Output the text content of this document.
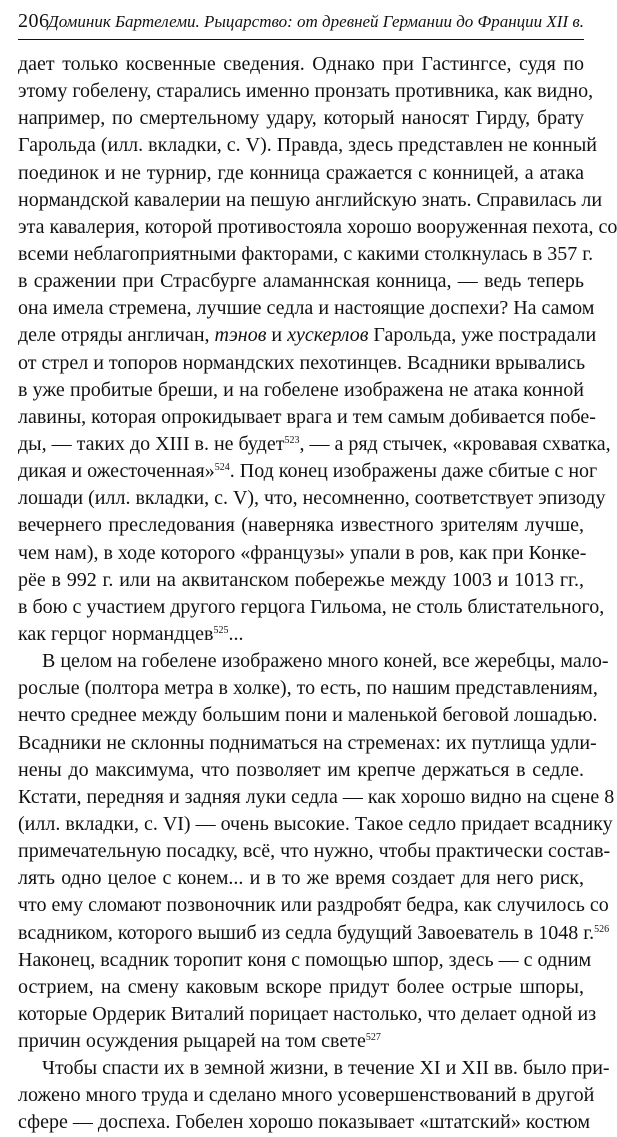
206
Доминик Бартелеми. Рыцарство: от древней Германии до Франции XII в.
дает только косвенные сведения. Однако при Гастингсе, судя по
этому гобелену, старались именно пронзать противника, как видно,
например, по смертельному удару, который наносят Гирду, брату
Гарольда (илл. вкладки, с. V). Правда, здесь представлен не конный
поединок и не турнир, где конница сражается с конницей, а атака
нормандской кавалерии на пешую английскую знать. Справилась ли
эта кавалерия, которой противостояла хорошо вооруженная пехота, со
всеми неблагоприятными факторами, с какими столкнулась в 357 г.
в сражении при Страсбурге аламаннская конница, — ведь теперь
она имела стремена, лучшие седла и настоящие доспехи? На самом
деле отряды англичан, тэнов и хускерлов Гарольда, уже пострадали
от стрел и топоров нормандских пехотинцев. Всадники врывались
в уже пробитые бреши, и на гобелене изображена не атака конной
лавины, которая опрокидывает врага и тем самым добивается побе-
ды, — таких до XIII в. не будет$^{523}$, — а ряд стычек, «кровавая схватка,
дикая и ожесточенная»$^{524}$. Под конец изображены даже сбитые с ног
лошади (илл. вкладки, с. V), что, несомненно, соответствует эпизоду
вечернего преследования (наверняка известного зрителям лучше,
чем нам), в ходе которого «французы» упали в ров, как при Конке-
рёе в 992 г. или на аквитанском побережье между 1003 и 1013 гг.,
в бою с участием другого герцога Гильома, не столь блистательного,
как герцог нормандцев$^{525}$...
В целом на гобелене изображено много коней, все жеребцы, мало-
рослые (полтора метра в холке), то есть, по нашим представлениям,
нечто среднее между большим пони и маленькой беговой лошадью.
Всадники не склонны подниматься на стременах: их путлища удли-
нены до максимума, что позволяет им крепче держаться в седле.
Кстати, передняя и задняя луки седла — как хорошо видно на сцене 8
(илл. вкладки, с. VI) — очень высокие. Такое седло придает всаднику
примечательную посадку, всё, что нужно, чтобы практически состав-
лять одно целое с конем... и в то же время создает для него риск,
что ему сломают позвоночник или раздробят бедра, как случилось со
всадником, которого вышиб из седла будущий Завоеватель в 1048 г.$^{526}$
Наконец, всадник торопит коня с помощью шпор, здесь — с одним
острием, на смену каковым вскоре придут более острые шпоры,
которые Ордерик Виталий порицает настолько, что делает одной из
причин осуждения рыцарей на том свете$^{527}$
Чтобы спасти их в земной жизни, в течение XI и XII вв. было при-
ложено много труда и сделано много усовершенствований в другой
сфере — доспеха. Гобелен хорошо показывает «штатский» костюм
